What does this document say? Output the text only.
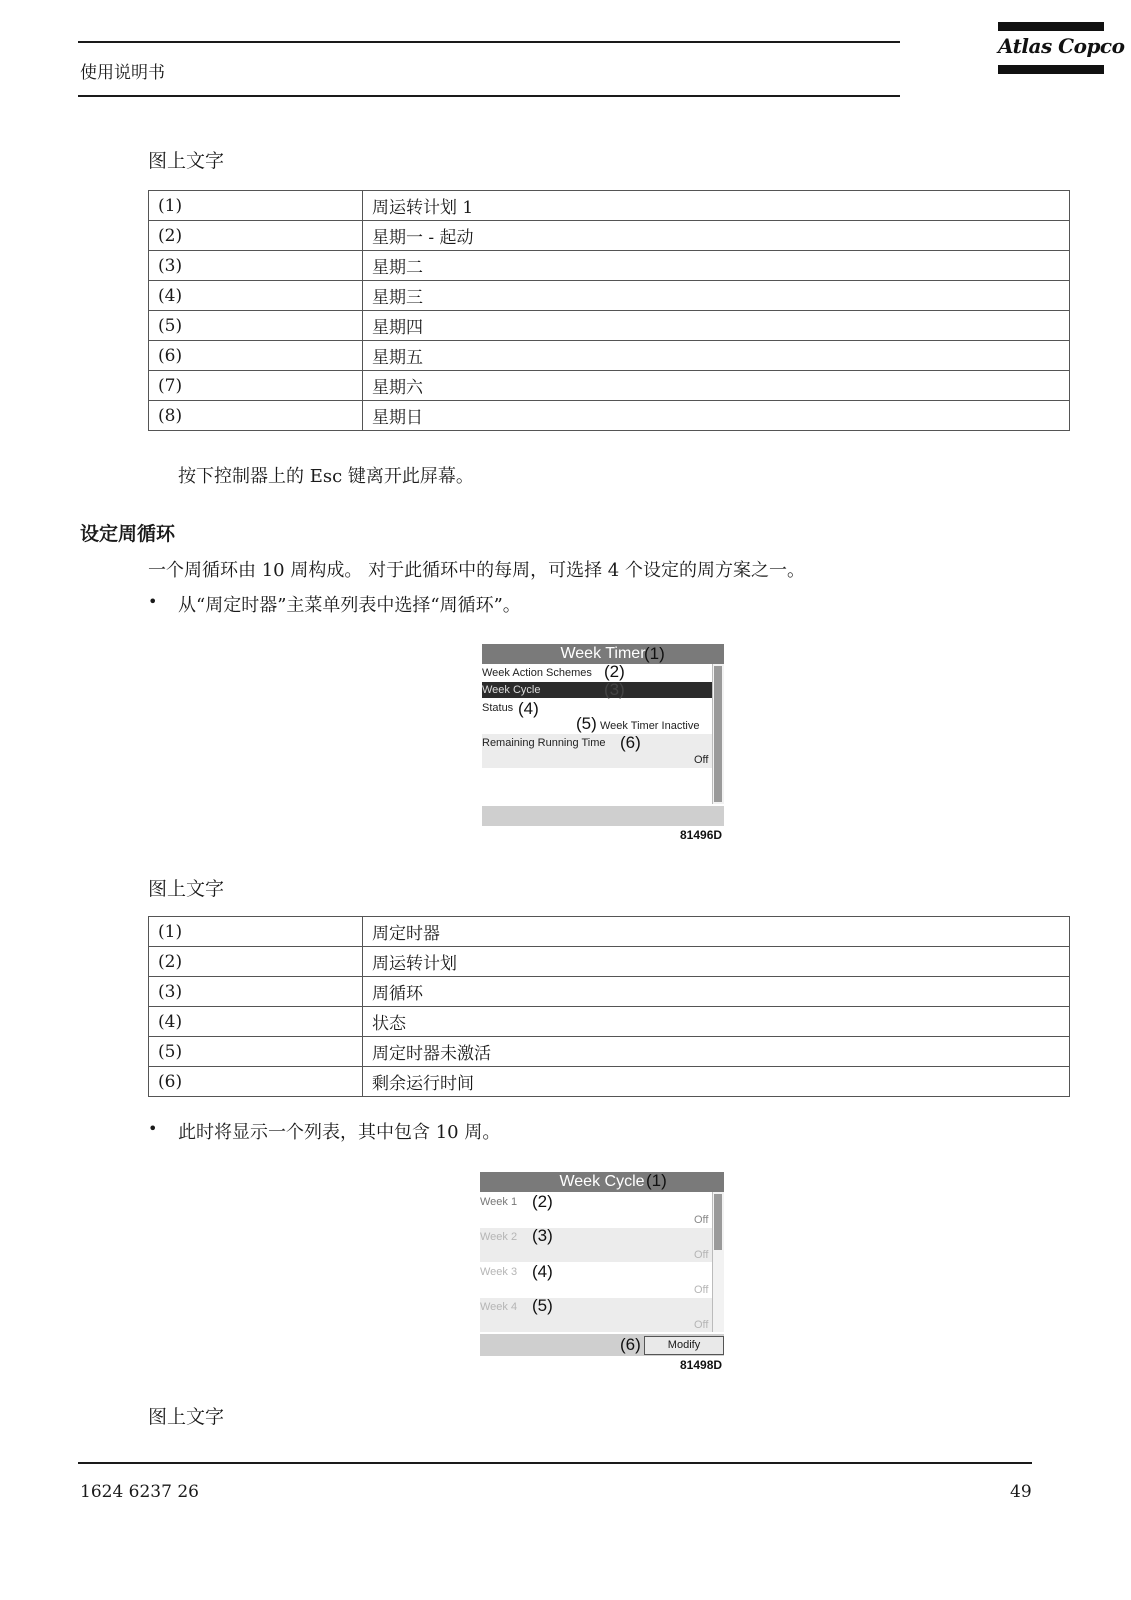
使用说明书
Atlas Copco
图上文字
(1)	周运转计划 1
(2)	星期一 - 起动
(3)	星期二
(4)	星期三
(5)	星期四
(6)	星期五
(7)	星期六
(8)	星期日
按下控制器上的 Esc 键离开此屏幕。
设定周循环
一个周循环由 10 周构成。 对于此循环中的每周，可选择 4 个设定的周方案之一。
• 从“周定时器”主菜单列表中选择“周循环”。
Week Timer
(1)
Week Action Schemes (2)
Week Cycle	(3)
Status (4)
(5) Week Timer Inactive
Remaining Running Time (6)
Off
81496D
图上文字
(1)	周定时器
(2)	周运转计划
(3)	周循环
(4)	状态
(5)	周定时器未激活
(6)	剩余运行时间
• 此时将显示一个列表，其中包含 10 周。
Week Cycle (1)
Week 1 (2)
Off
Week 2 (3)
Off
Week 3 (4)
Off
Week 4 (5)
Off
(6)	Modify
81498D
图上文字
1624 6237 26	49
